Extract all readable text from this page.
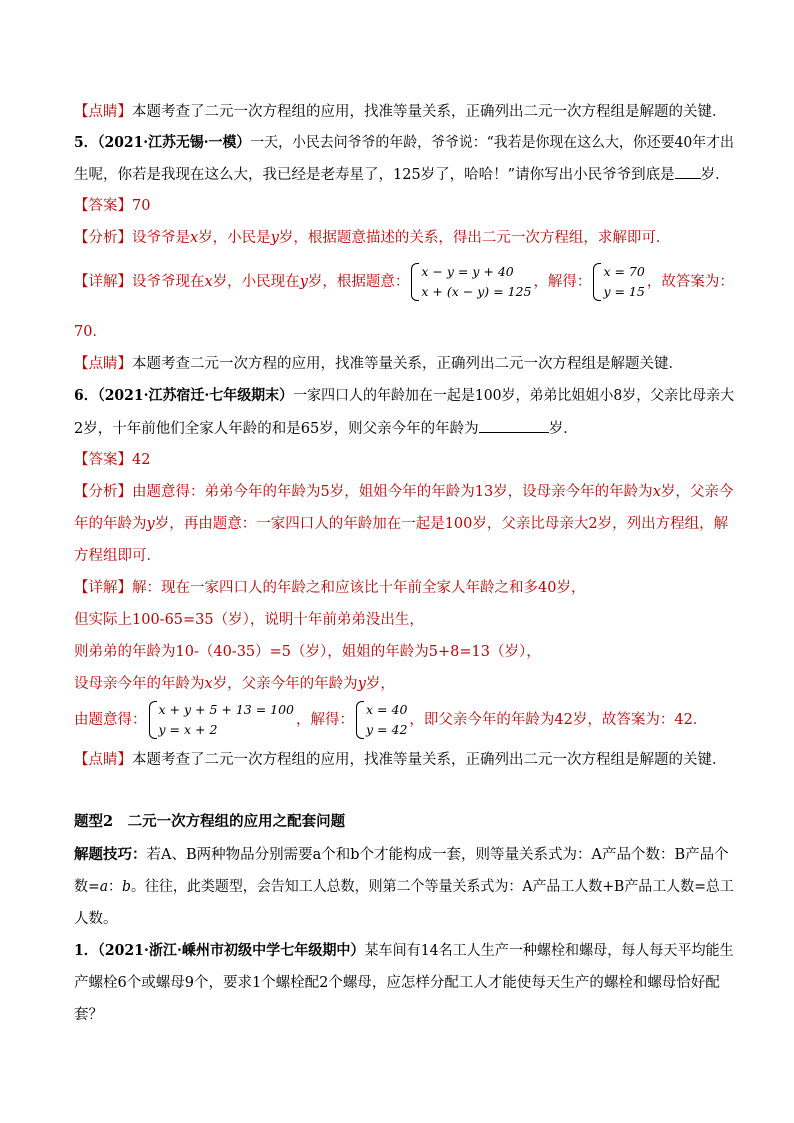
【点睛】本题考查了二元一次方程组的应用，找准等量关系，正确列出二元一次方程组是解题的关键．
5．（2021·江苏无锡·一模）一天，小民去问爷爷的年龄，爷爷说：“我若是你现在这么大，你还要40年才出
生呢，你若是我现在这么大，我已经是老寿星了，125岁了，哈哈！”请你写出小民爷爷到底是 岁．
【答案】70
【分析】设爷爷是x岁，小民是y岁，根据题意描述的关系，得出二元一次方程组，求解即可．
【详解】设爷爷现在x岁，小民现在y岁，根据题意：
x − y = y + 40
x + (x − y) = 125
，解得：
x = 70
y = 15
，故答案为：
70．
【点睛】本题考查二元一次方程的应用，找准等量关系，正确列出二元一次方程组是解题关键．
6．（2021·江苏宿迁·七年级期末）一家四口人的年龄加在一起是100岁，弟弟比姐姐小8岁，父亲比母亲大
2岁，十年前他们全家人年龄的和是65岁，则父亲今年的年龄为	岁．
【答案】42
【分析】由题意得：弟弟今年的年龄为5岁，姐姐今年的年龄为13岁，设母亲今年的年龄为x岁，父亲今
年的年龄为y岁，再由题意：一家四口人的年龄加在一起是100岁，父亲比母亲大2岁，列出方程组，解
方程组即可．
【详解】解：现在一家四口人的年龄之和应该比十年前全家人年龄之和多40岁，
但实际上100-65=35（岁），说明十年前弟弟没出生，
则弟弟的年龄为10-（40-35）=5（岁），姐姐的年龄为5+8=13（岁），
设母亲今年的年龄为x岁，父亲今年的年龄为y岁，
由题意得：
x + y + 5 + 13 = 100
y = x + 2
，解得：
x = 40
y = 42
，即父亲今年的年龄为42岁，故答案为：42．
【点睛】本题考查了二元一次方程组的应用，找准等量关系，正确列出二元一次方程组是解题的关键．
题型2　二元一次方程组的应用之配套问题
解题技巧：若A、B两种物品分别需要a个和b个才能构成一套，则等量关系式为：A产品个数：B产品个
数=a：b。往往，此类题型，会告知工人总数，则第二个等量关系式为：A产品工人数+B产品工人数=总工
人数。
1．（2021·浙江·嵊州市初级中学七年级期中）某车间有14名工人生产一种螺栓和螺母，每人每天平均能生
产螺栓6个或螺母9个，要求1个螺栓配2个螺母，应怎样分配工人才能使每天生产的螺栓和螺母恰好配
套？
